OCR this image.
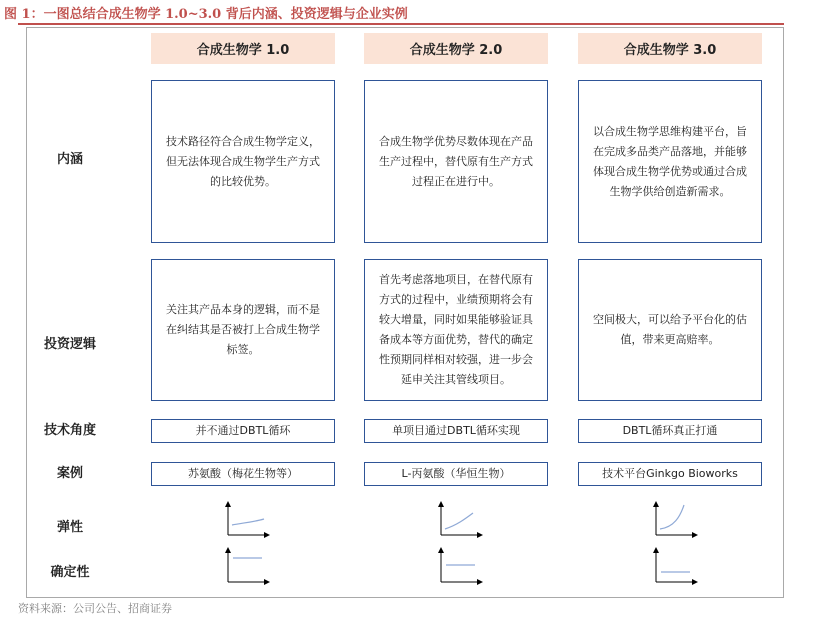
图 1：一图总结合成生物学 1.0~3.0 背后内涵、投资逻辑与企业实例
内涵
投资逻辑
技术角度
案例
弹性
确定性
合成生物学 1.0
技术路径符合合成生物学定义，但无法体现合成生物学生产方式的比较优势。
关注其产品本身的逻辑，而不是在纠结其是否被打上合成生物学标签。
并不通过DBTL循环
苏氨酸（梅花生物等）
合成生物学 2.0
合成生物学优势尽数体现在产品生产过程中，替代原有生产方式过程正在进行中。
首先考虑落地项目，在替代原有方式的过程中，业绩预期将会有较大增量，同时如果能够验证具备成本等方面优势，替代的确定性预期同样相对较强，进一步会延申关注其管线项目。
单项目通过DBTL循环实现
L-丙氨酸（华恒生物）
合成生物学 3.0
以合成生物学思维构建平台，旨在完成多品类产品落地，并能够体现合成生物学优势或通过合成生物学供给创造新需求。
空间极大，可以给予平台化的估值，带来更高赔率。
DBTL循环真正打通
技术平台Ginkgo Bioworks
资料来源：公司公告、招商证券
